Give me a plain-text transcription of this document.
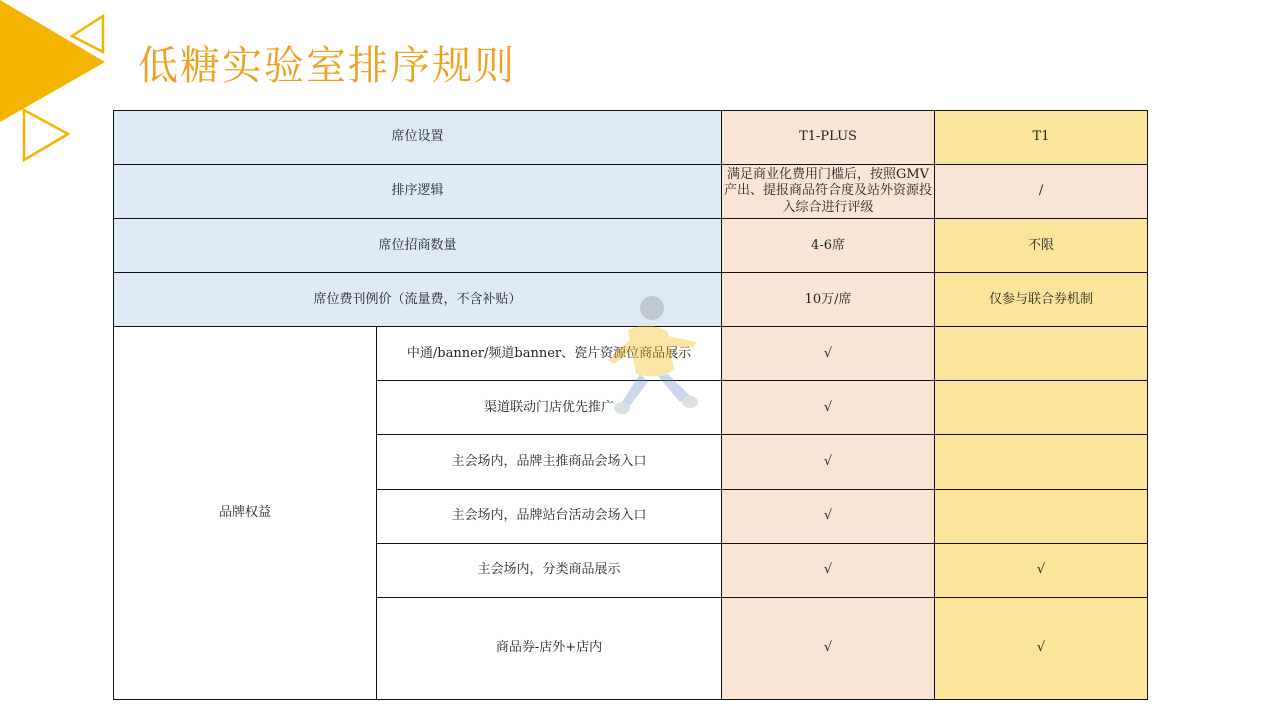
低糖实验室排序规则
席位设置		T1-PLUS	T1
排序逻辑		满足商业化费用门槛后，按照GMV产出、提报商品符合度及站外资源投入综合进行评级	/
席位招商数量		4-6席	不限
席位费刊例价（流量费，不含补贴）		10万/席	仅参与联合券机制
品牌权益	中通/banner/频道banner、瓷片资源位商品展示	√	
	渠道联动门店优先推广	√	
	主会场内，品牌主推商品会场入口	√	
	主会场内，品牌站台活动会场入口	√	
	主会场内，分类商品展示	√	√
	商品券-店外+店内	√	√
